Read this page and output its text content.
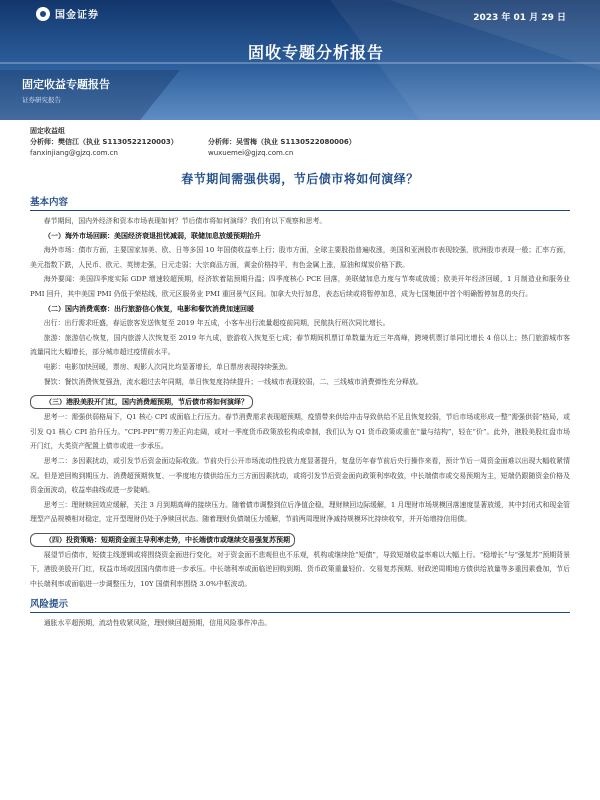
国金证券	2023 年 01 月 29 日
固收专题分析报告
固定收益专题报告
证券研究报告
固定收益组
分析师：樊信江（执业 S1130522120003）	分析师：吴雪梅（执业 S1130522080006）
fanxinjiang@gjzq.com.cn	wuxuemei@gjzq.com.cn
春节期间需强供弱，节后债市将如何演绎？
基本内容

春节期间，国内外经济和资本市场表现如何？节后债市将如何演绎？我们有以下观察和思考。

（一）海外市场回顾：美国经济衰退担忧减弱，联储加息放缓预期抬升

海外市场：债市方面，主要国家加美、欧、日等多国 10 年国债收益率上行；股市方面，全球主要股指普遍收涨，美国和亚洲股市表现较强，欧洲股市表现一般；汇率方面，美元指数下跌，人民币、欧元、英镑走强，日元走弱；大宗商品方面，黄金价格持平，有色金属上涨，原油和煤炭价格下跌。

海外要闻：美国四季度实际 GDP 增速较超预期，经济软着陆预期升温；四季度核心 PCE 回落，美联储加息力度与节奏或放缓；欧美开年经济回暖，1 月制造业和服务业 PMI 回升，其中美国 PMI 仍低于荣枯线，欧元区服务业 PMI 重回景气区间。加拿大央行加息，表态后续或将暂停加息，成为七国集团中首个明确暂停加息的央行。

（二）国内消费观察：出行旅游信心恢复，电影和餐饮消费加速回暖

出行：出行需求旺盛，春运旅客发送恢复至 2019 年五成，小客车出行流量超疫前同期，民航执行班次同比增长。

旅游：旅游信心恢复，国内旅游人次恢复至 2019 年九成，旅游收入恢复至七成；春节期间机票订单数量为近三年高峰，跨境机票订单同比增长 4 倍以上；热门旅游城市客流量同比大幅增长，部分城市超过疫情前水平。

电影：电影加快回暖，票房、观影人次同比均显著增长，单日票房表现持续强劲。

餐饮：餐饮消费恢复强劲，流水超过去年同期，单日恢复度持续提升；一线城市表现较弱，二、三线城市消费弹性充分释放。

（三）港股美股开门红，国内消费超预期，节后债市将如何演绎？

思考一：需强供弱格局下，Q1 核心 CPI 或面临上行压力。春节消费需求表现超预期，疫情带来供给冲击导致供给不足且恢复较弱，节后市场或形成一整“需强供弱”格局，或引发 Q1 核心 CPI 抬升压力。“CPI-PPI”剪刀差正向走阔，或对一季度货币政策放松构成牵制，我们认为 Q1 货币政策或重在“量与结构”，轻在“价”。此外，港股美股红盘市场开门红，大类资产配置上债市或进一步承压。

思考二：多因素扰动，或引发节后资金面边际收敛。节前央行公开市场流动性投放力度显著提升，复盘历年春节前后央行操作来看，预计节后一周资金面难以出现大幅收紧情况。但是逆回购到期压力、消费超预期恢复、一季度地方债供给压力三方面因素扰动，或将引发节后资金面向政策利率收敛，中长端债市或交易预期为主，短端仍跟随资金价格及资金面波动，收益率曲线或进一步陡峭。

思考三：理财赎回效应缓解，关注 3 月到期高峰的接续压力。随着债市调整到位后净值企稳，理财赎回边际缓解，1 月理财市场规模回落速度显著放缓，其中封闭式和现金管理型产品规模相对稳定，定开型理财仍处于净赎回状态。随着理财负债端压力缓解，节前两周理财净减持规模环比持续收窄，并开始增持信用债。

（四）投资策略：短期资金面主导利率走势，中长端债市或继续交易强复苏预期

展望节后债市，短债主线逻辑或将围绕资金面进行变化，对于资金面不悲观但也不乐观，机构或继续抢“短债”，导致短端收益率难以大幅上行。“稳增长”与“强复苏”预期背景下，港股美股开门红，权益市场或因国内债市进一步承压。中长端利率或面临逆回购到期、货币政策重量轻价、交易复苏预期、财政逆周期地方债供给放量等多重因素叠加，节后中长端利率或面临进一步调整压力，10Y 国债利率围绕 3.0%中枢波动。

风险提示

通胀水平超预期，流动性收紧风险，理财赎回超预期，信用风险事件冲击。
